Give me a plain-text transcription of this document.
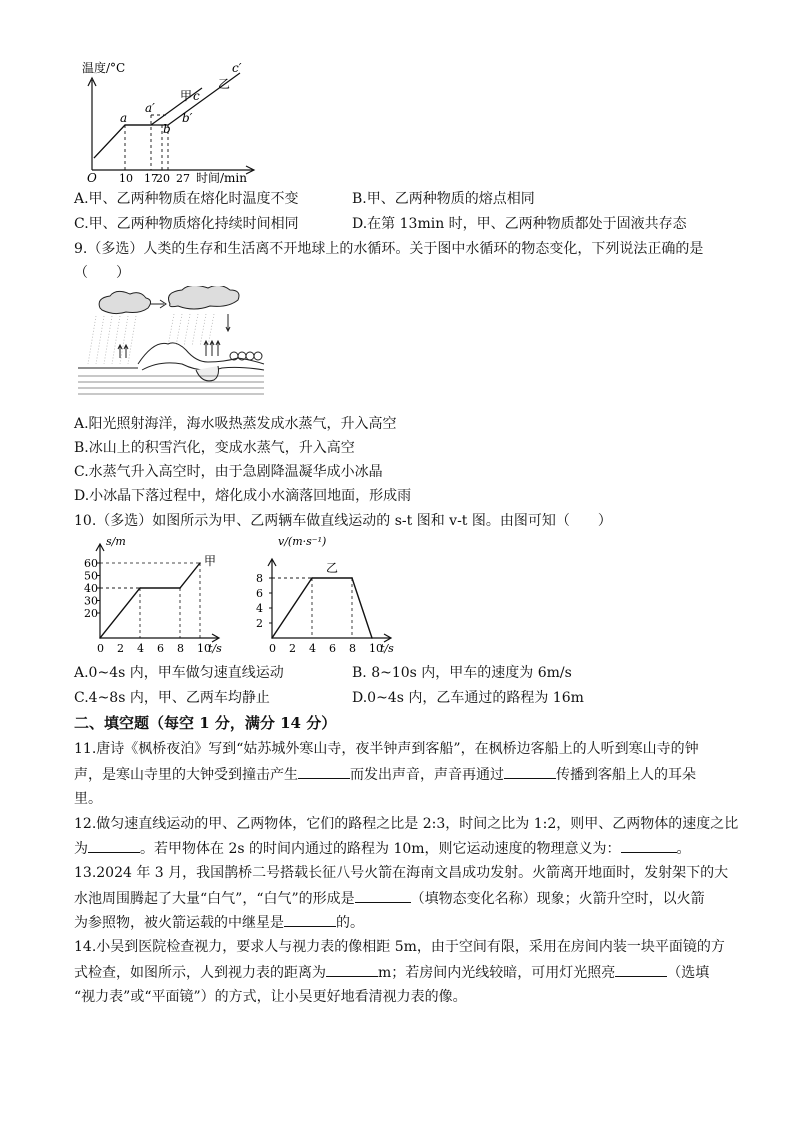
温度/°C
O 10 17
20 27 时间/min
a
a′
b
b′
甲 c
c′
乙
A.甲、乙两种物质在熔化时温度不变	B.甲、乙两种物质的熔点相同
C.甲、乙两种物质熔化持续时间相同	D.在第 13min 时，甲、乙两种物质都处于固液共存态
9.（多选）人类的生存和生活离不开地球上的水循环。关于图中水循环的物态变化，下列说法正确的是
（　　）
A.阳光照射海洋，海水吸热蒸发成水蒸气，升入高空
B.冰山上的积雪汽化，变成水蒸气，升入高空
C.水蒸气升入高空时，由于急剧降温凝华成小冰晶
D.小冰晶下落过程中，熔化成小水滴落回地面，形成雨
10.（多选）如图所示为甲、乙两辆车做直线运动的 s-t 图和 v-t 图。由图可知（　　）
0 2 4 6 8 10
20
30
40
50
60
t/s
s/m
甲
0 2 4 6 8 10
2
4
6
8
t/s
v/(m·s⁻¹)
乙
A.0~4s 内，甲车做匀速直线运动	B. 8~10s 内，甲车的速度为 6m/s
C.4~8s 内，甲、乙两车均静止	D.0~4s 内，乙车通过的路程为 16m
二、填空题（每空 1 分，满分 14 分）
11.唐诗《枫桥夜泊》写到“姑苏城外寒山寺，夜半钟声到客船”，在枫桥边客船上的人听到寒山寺的钟
声，是寒山寺里的大钟受到撞击产生	而发出声音，声音再通过	传播到客船上人的耳朵
里。
12.做匀速直线运动的甲、乙两物体，它们的路程之比是 2:3，时间之比为 1:2，则甲、乙两物体的速度之比
为	。若甲物体在 2s 的时间内通过的路程为 10m，则它运动速度的物理意义为：	。
13.2024 年 3 月，我国鹊桥二号搭载长征八号火箭在海南文昌成功发射。火箭离开地面时，发射架下的大
水池周围腾起了大量“白气”，“白气”的形成是	（填物态变化名称）现象；火箭升空时，以火箭
为参照物，被火箭运载的中继星是	的。
14.小吴到医院检查视力，要求人与视力表的像相距 5m，由于空间有限，采用在房间内装一块平面镜的方
式检查，如图所示，人到视力表的距离为	m；若房间内光线较暗，可用灯光照亮	（选填
“视力表”或“平面镜”）的方式，让小吴更好地看清视力表的像。
